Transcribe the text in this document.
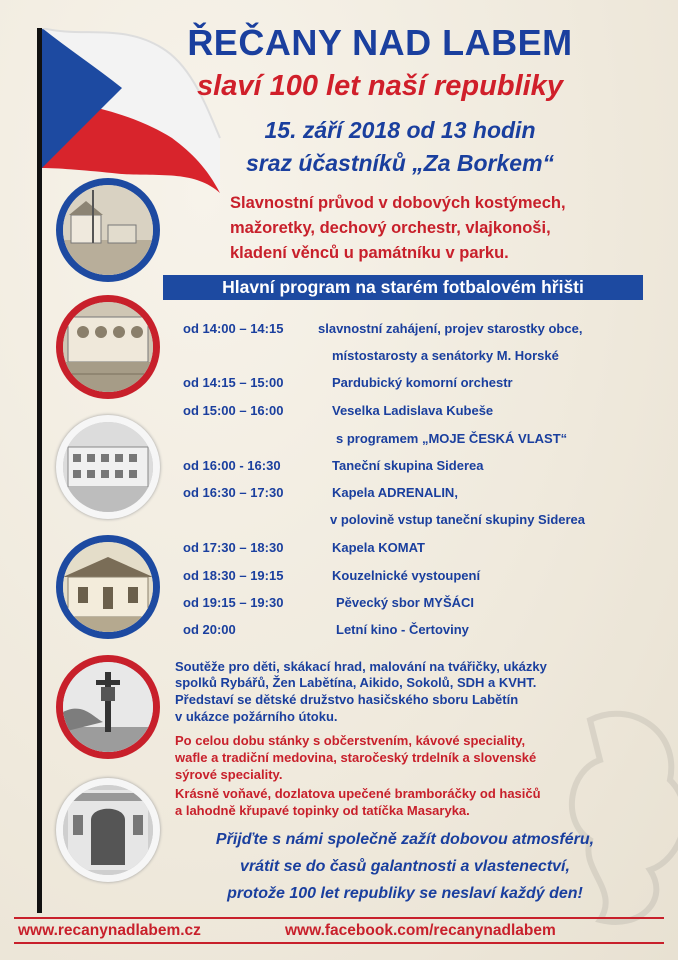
ŘEČANY NAD LABEM
slaví 100 let naší republiky
15. září 2018 od 13 hodin
sraz účastníků „Za Borkem“
Slavnostní průvod v dobových kostýmech,
mažoretky, dechový orchestr, vlajkonoši,
kladení věnců u památníku v parku.
Hlavní program na starém fotbalovém hřišti
od 14:00 – 14:15	slavnostní zahájení, projev starostky obce,
místostarosty a senátorky M. Horské
od 14:15 – 15:00	Pardubický komorní orchestr
od 15:00 – 16:00	Veselka Ladislava Kubeše
s programem „MOJE ČESKÁ VLAST“
od 16:00 - 16:30	Taneční skupina Siderea
od 16:30 – 17:30	Kapela ADRENALIN,
v polovině vstup taneční skupiny Siderea
od 17:30 – 18:30	Kapela KOMAT
od 18:30 – 19:15	Kouzelnické vystoupení
od 19:15 – 19:30	Pěvecký sbor MYŠÁCI
od 20:00	Letní kino - Čertoviny
Soutěže pro děti, skákací hrad, malování na tvářičky, ukázky
spolků Rybářů, Žen Labětína, Aikido, Sokolů, SDH a KVHT.
Představí se dětské družstvo hasičského sboru Labětín
v ukázce požárního útoku.
Po celou dobu stánky s občerstvením, kávové speciality,
wafle a tradiční medovina, staročeský trdelník a slovenské
sýrové speciality.
Krásně voňavé, dozlatova upečené bramboráčky od hasičů
a lahodně křupavé topinky od tatíčka Masaryka.
Přijďte s námi společně zažít dobovou atmosféru,
vrátit se do časů galantnosti a vlastenectví,
protože 100 let republiky se neslaví každý den!
www.recanynadlabem.cz	www.facebook.com/recanynadlabem
